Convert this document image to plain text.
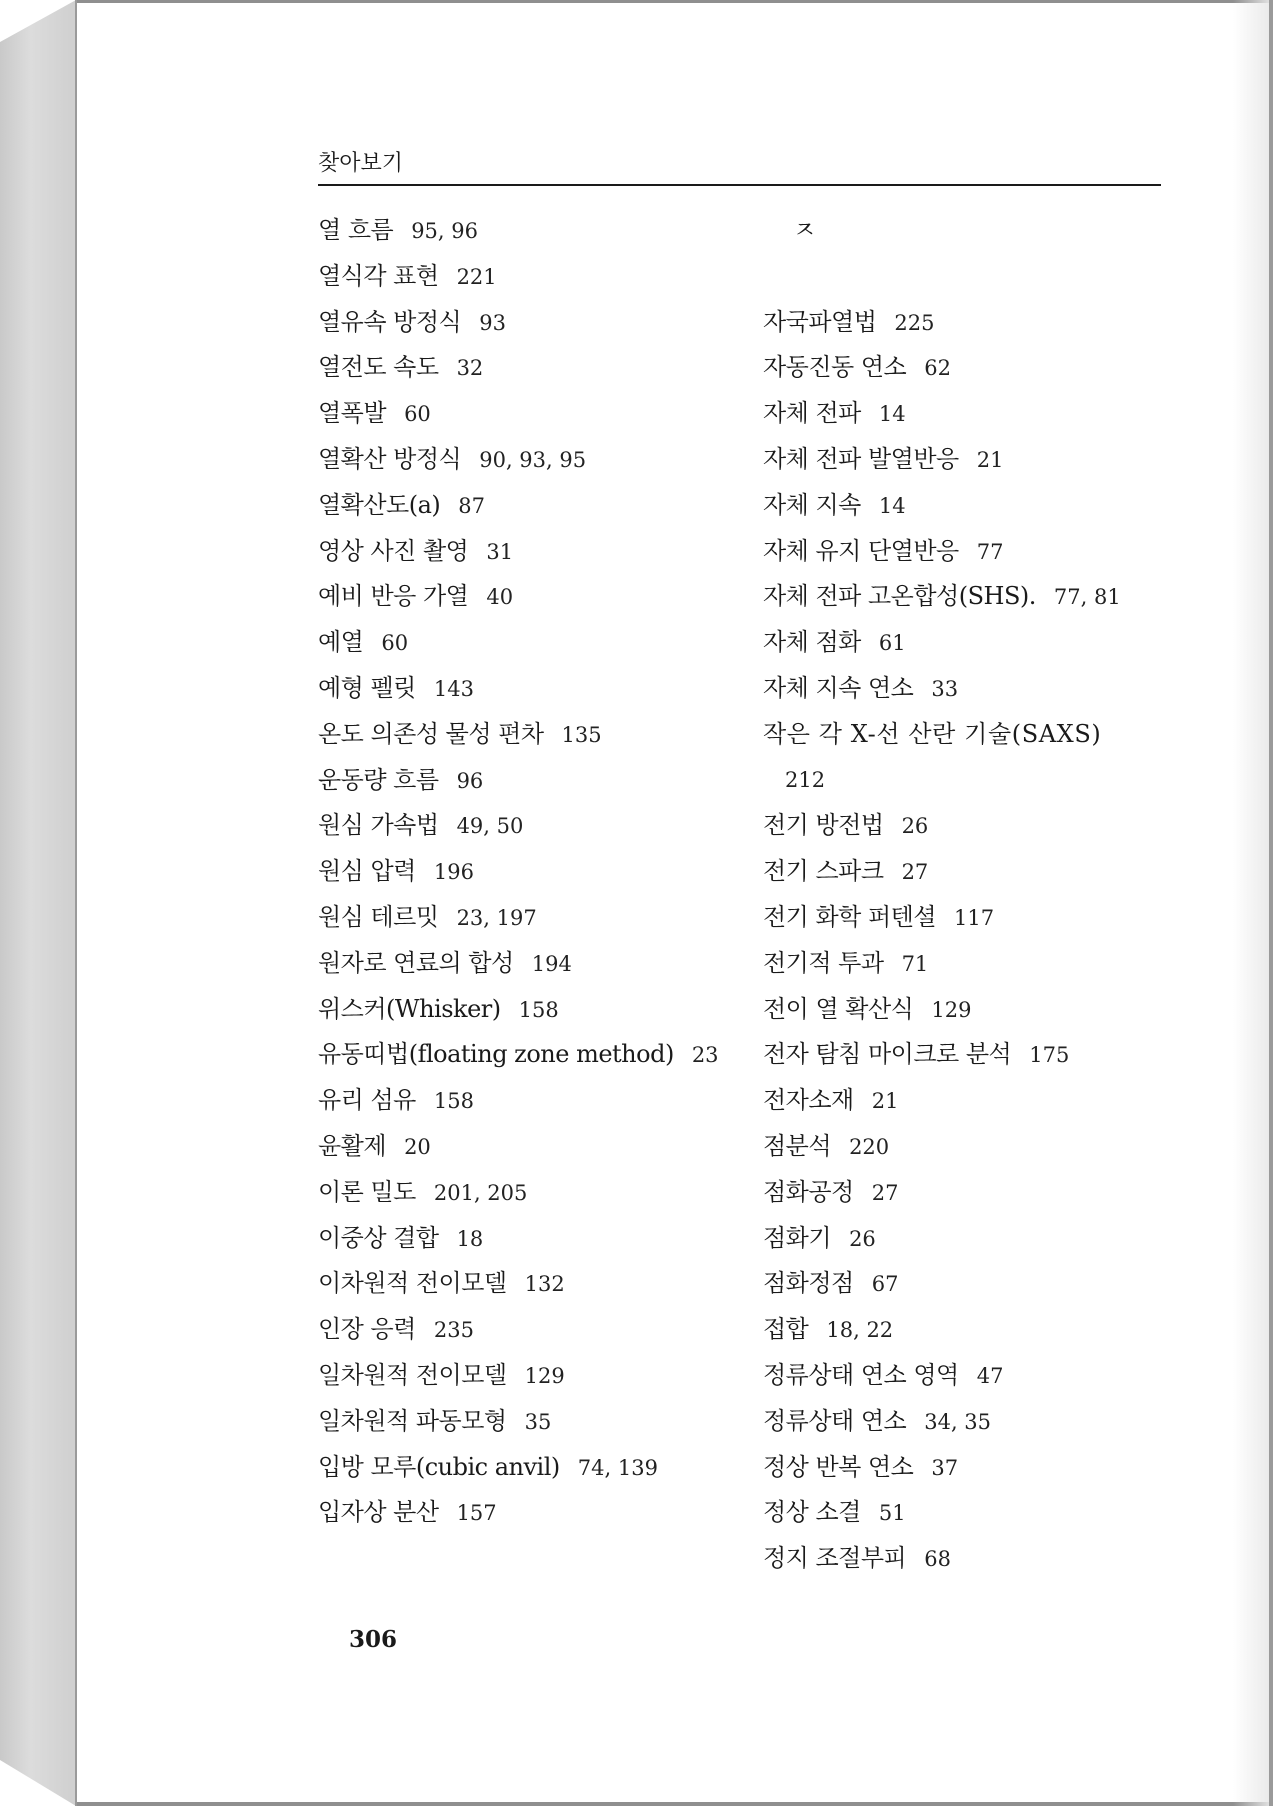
찾아보기
열 흐름 95, 96
열식각 표현 221
열유속 방정식 93
열전도 속도 32
열폭발 60
열확산 방정식 90, 93, 95
열확산도(a) 87
영상 사진 촬영 31
예비 반응 가열 40
예열 60
예형 펠릿 143
온도 의존성 물성 편차 135
운동량 흐름 96
원심 가속법 49, 50
원심 압력 196
원심 테르밋 23, 197
원자로 연료의 합성 194
위스커(Whisker) 158
유동띠법(floating zone method) 23
유리 섬유 158
윤활제 20
이론 밀도 201, 205
이중상 결합 18
이차원적 전이모델 132
인장 응력 235
일차원적 전이모델 129
일차원적 파동모형 35
입방 모루(cubic anvil) 74, 139
입자상 분산 157
ㅈ
자국파열법 225
자동진동 연소 62
자체 전파 14
자체 전파 발열반응 21
자체 지속 14
자체 유지 단열반응 77
자체 전파 고온합성(SHS). 77, 81
자체 점화 61
자체 지속 연소 33
작은 각 X-선 산란 기술(SAXS)
212
전기 방전법 26
전기 스파크 27
전기 화학 퍼텐셜 117
전기적 투과 71
전이 열 확산식 129
전자 탐침 마이크로 분석 175
전자소재 21
점분석 220
점화공정 27
점화기 26
점화정점 67
접합 18, 22
정류상태 연소 영역 47
정류상태 연소 34, 35
정상 반복 연소 37
정상 소결 51
정지 조절부피 68
306
